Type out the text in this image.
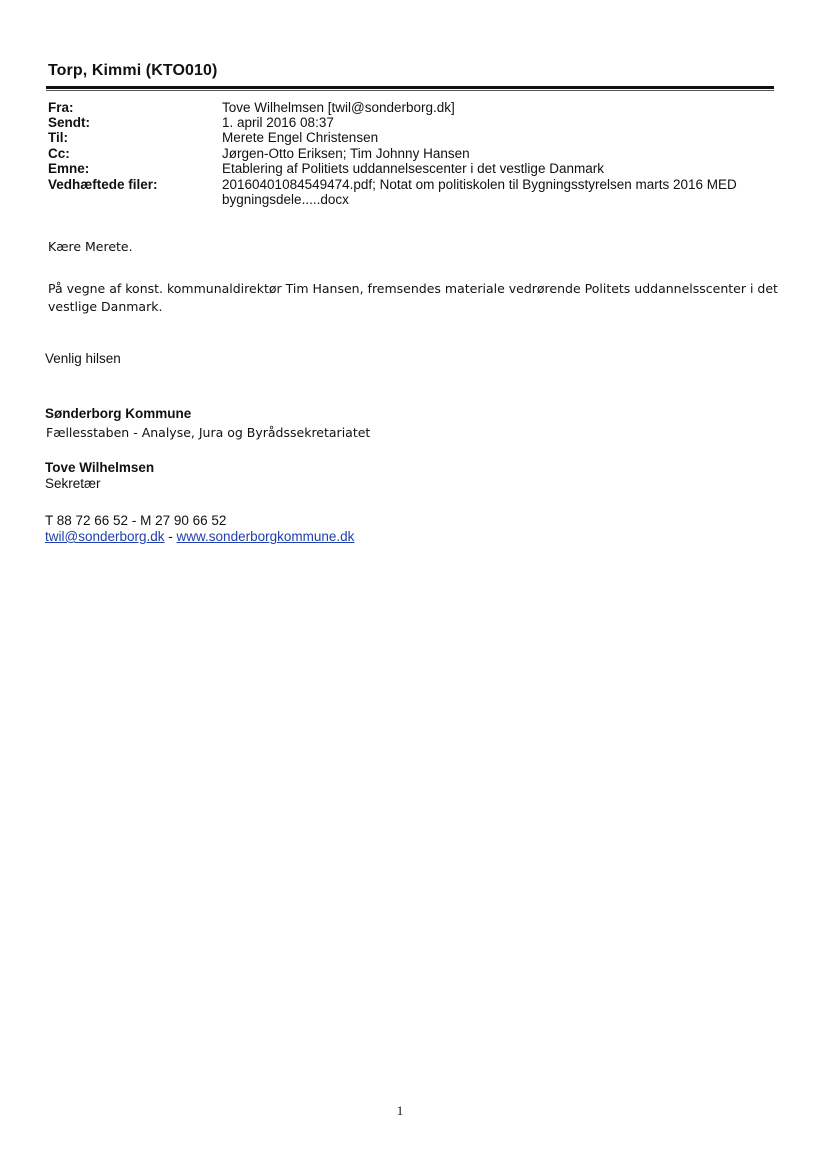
Torp, Kimmi (KTO010)
Fra:	Tove Wilhelmsen [twil@sonderborg.dk]
Sendt:	1. april 2016 08:37
Til:	Merete Engel Christensen
Cc:	Jørgen-Otto Eriksen; Tim Johnny Hansen
Emne:	Etablering af Politiets uddannelsescenter i det vestlige Danmark
Vedhæftede filer:	20160401084549474.pdf; Notat om politiskolen til Bygningsstyrelsen marts 2016 MED
bygningsdele.....docx
Kære Merete.
På vegne af konst. kommunaldirektør Tim Hansen, fremsendes materiale vedrørende Politets uddannelsscenter i det
vestlige Danmark.
Venlig hilsen
Sønderborg Kommune
Fællesstaben - Analyse, Jura og Byrådssekretariatet
Tove Wilhelmsen
Sekretær
T 88 72 66 52 - M 27 90 66 52
twil@sonderborg.dk - www.sonderborgkommune.dk
1
